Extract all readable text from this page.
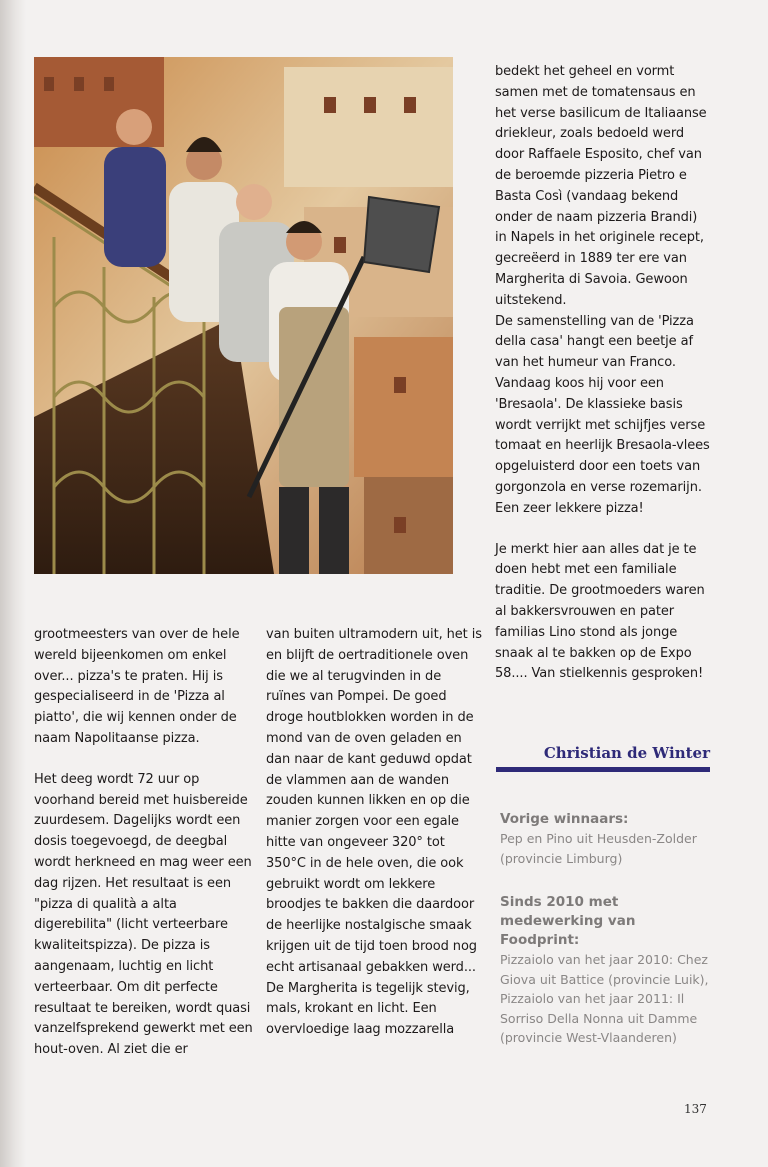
grootmeesters van over de hele wereld bijeenkomen om enkel over... pizza's te praten. Hij is gespecialiseerd in de 'Pizza al piatto', die wij kennen onder de naam Napolitaanse pizza.

Het deeg wordt 72 uur op voorhand bereid met huisbereide zuurdesem. Dagelijks wordt een dosis toegevoegd, de deegbal wordt herkneed en mag weer een dag rijzen. Het resultaat is een "pizza di qualità a alta digerebilita" (licht verteerbare kwaliteitspizza). De pizza is aangenaam, luchtig en licht verteerbaar. Om dit perfecte resultaat te bereiken, wordt quasi vanzelfsprekend gewerkt met een hout-oven. Al ziet die er

van buiten ultramodern uit, het is en blijft de oertraditionele oven die we al terugvinden in de ruïnes van Pompei. De goed droge houtblokken worden in de mond van de oven geladen en dan naar de kant geduwd opdat de vlammen aan de wanden zouden kunnen likken en op die manier zorgen voor een egale hitte van ongeveer 320° tot 350°C in de hele oven, die ook gebruikt wordt om lekkere broodjes te bakken die daardoor de heerlijke nostalgische smaak krijgen uit de tijd toen brood nog echt artisanaal gebakken werd...

De Margherita is tegelijk stevig, mals, krokant en licht. Een overvloedige laag mozzarella

bedekt het geheel en vormt samen met de tomatensaus en het verse basilicum de Italiaanse driekleur, zoals bedoeld werd door Raffaele Esposito, chef van de beroemde pizzeria Pietro e Basta Così (vandaag bekend onder de naam pizzeria Brandi) in Napels in het originele recept, gecreëerd in 1889 ter ere van Margherita di Savoia. Gewoon uitstekend.

De samenstelling van de 'Pizza della casa' hangt een beetje af van het humeur van Franco. Vandaag koos hij voor een 'Bresaola'. De klassieke basis wordt verrijkt met schijfjes verse tomaat en heerlijk Bresaola-vlees opgeluisterd door een toets van gorgonzola en verse rozemarijn. Een zeer lekkere pizza!

Je merkt hier aan alles dat je te doen hebt met een familiale traditie. De grootmoeders waren al bakkersvrouwen en pater familias Lino stond als jonge snaak al te bakken op de Expo 58.... Van stielkennis gesproken!

Christian de Winter
Vorige winnaars:

Pep en Pino uit Heusden-Zolder (provincie Limburg)

Sinds 2010 met medewerking van Foodprint:

Pizzaiolo van het jaar 2010: Chez Giova uit Battice (provincie Luik), Pizzaiolo van het jaar 2011: Il Sorriso Della Nonna uit Damme (provincie West-Vlaanderen)

137
